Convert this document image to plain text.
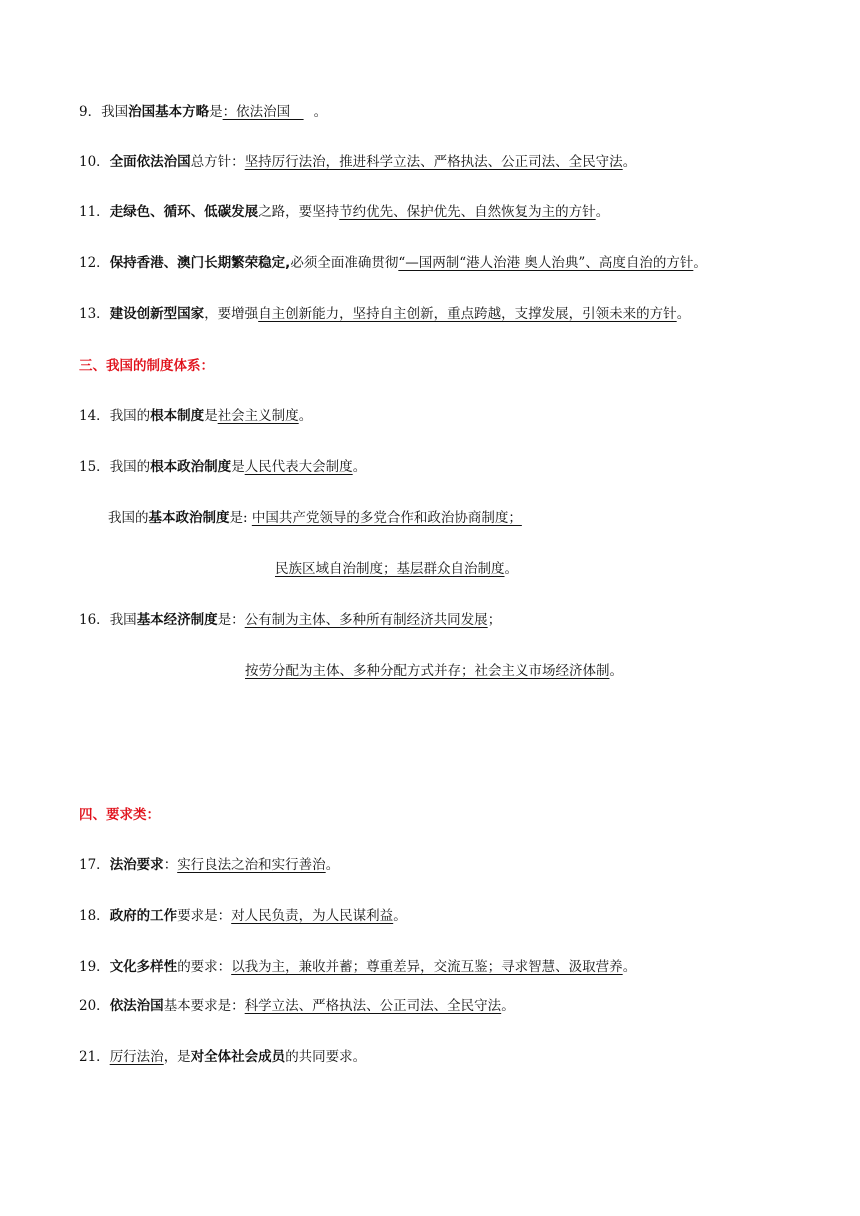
9．我国治国基本方略是：依法治国　。
10．全面依法治国总方针：坚持厉行法治，推进科学立法、严格执法、公正司法、全民守法。
11．走绿色、循环、低碳发展之路，要坚持节约优先、保护优先、自然恢复为主的方针。
12．保持香港、澳门长期繁荣稳定,必须全面准确贯彻“—国两制“港人治港 奥人治典”、高度自治的方针。
13．建设创新型国家，要增强自主创新能力，坚持自主创新，重点跨越，支撑发展，引领未来的方针。
三、我国的制度体系：
14．我国的根本制度是社会主义制度。
15．我国的根本政治制度是人民代表大会制度。
我国的基本政治制度是: 中国共产党领导的多党合作和政治协商制度；
民族区域自治制度；基层群众自治制度。
16．我国基本经济制度是：公有制为主体、多种所有制经济共同发展；
按劳分配为主体、多种分配方式并存；社会主义市场经济体制。
四、要求类：
17．法治要求：实行良法之治和实行善治。
18．政府的工作要求是：对人民负责，为人民谋利益。
19．文化多样性的要求：以我为主，兼收并蓄；尊重差异，交流互鉴；寻求智慧、汲取营养。
20．依法治国基本要求是：科学立法、严格执法、公正司法、全民守法。
21．厉行法治，是对全体社会成员的共同要求。
